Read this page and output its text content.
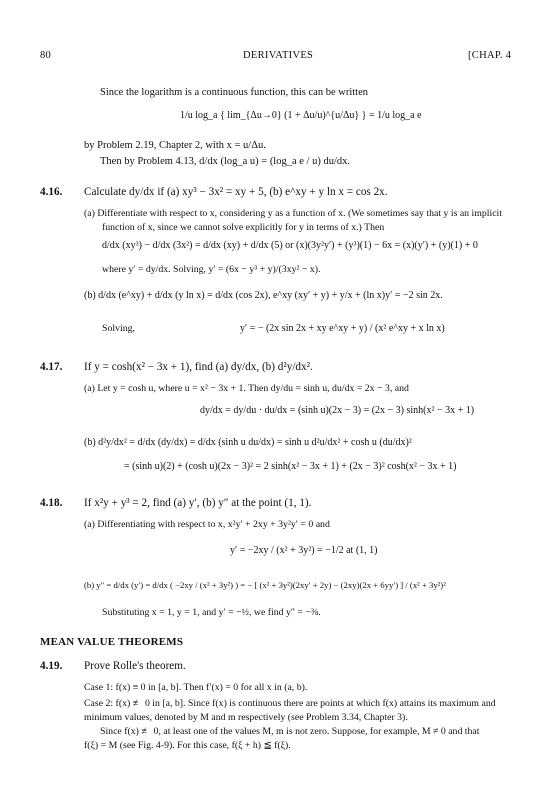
80	DERIVATIVES	[CHAP. 4
Since the logarithm is a continuous function, this can be written
1/u log_a { lim_{Δu→0} (1 + Δu/u)^{u/Δu} } = 1/u log_a e
by Problem 2.19, Chapter 2, with x = u/Δu.
Then by Problem 4.13, d/dx (log_a u) = (log_a e / u) du/dx.
4.16. Calculate dy/dx if (a) xy³ − 3x² = xy + 5, (b) e^xy + y ln x = cos 2x.
(a) Differentiate with respect to x, considering y as a function of x. (We sometimes say that y is an implicit
function of x, since we cannot solve explicitly for y in terms of x.) Then
d/dx (xy³) − d/dx (3x²) = d/dx (xy) + d/dx (5) or (x)(3y²y′) + (y³)(1) − 6x = (x)(y′) + (y)(1) + 0
where y′ = dy/dx. Solving, y′ = (6x − y³ + y)/(3xy² − x).
(b) d/dx (e^xy) + d/dx (y ln x) = d/dx (cos 2x), e^xy (xy′ + y) + y/x + (ln x)y′ = −2 sin 2x.
Solving,	y′ = − (2x sin 2x + xy e^xy + y) / (x² e^xy + x ln x)
4.17. If y = cosh(x² − 3x + 1), find (a) dy/dx, (b) d²y/dx².
(a) Let y = cosh u, where u = x² − 3x + 1. Then dy/du = sinh u, du/dx = 2x − 3, and
dy/dx = dy/du · du/dx = (sinh u)(2x − 3) = (2x − 3) sinh(x² − 3x + 1)
(b) d²y/dx² = d/dx (dy/dx) = d/dx (sinh u du/dx) = sinh u d²u/dx² + cosh u (du/dx)²
= (sinh u)(2) + (cosh u)(2x − 3)² = 2 sinh(x² − 3x + 1) + (2x − 3)² cosh(x² − 3x + 1)
4.18. If x²y + y³ = 2, find (a) y′, (b) y″ at the point (1, 1).
(a) Differentiating with respect to x, x²y′ + 2xy + 3y²y′ = 0 and
y′ = −2xy / (x² + 3y²) = −1/2 at (1, 1)
(b) y″ = d/dx (y′) = d/dx ( −2xy / (x² + 3y²) ) = − [ (x² + 3y²)(2xy′ + 2y) − (2xy)(2x + 6yy′) ] / (x² + 3y²)²
Substituting x = 1, y = 1, and y′ = −½, we find y″ = −⅜.
MEAN VALUE THEOREMS
4.19. Prove Rolle's theorem.
Case 1: f(x) ≡ 0 in [a, b]. Then f′(x) = 0 for all x in (a, b).
Case 2: f(x) ≢ 0 in [a, b]. Since f(x) is continuous there are points at which f(x) attains its maximum and
minimum values, denoted by M and m respectively (see Problem 3.34, Chapter 3).
Since f(x) ≢ 0, at least one of the values M, m is not zero. Suppose, for example, M ≠ 0 and that
f(ξ) = M (see Fig. 4-9). For this case, f(ξ + h) ≦ f(ξ).
